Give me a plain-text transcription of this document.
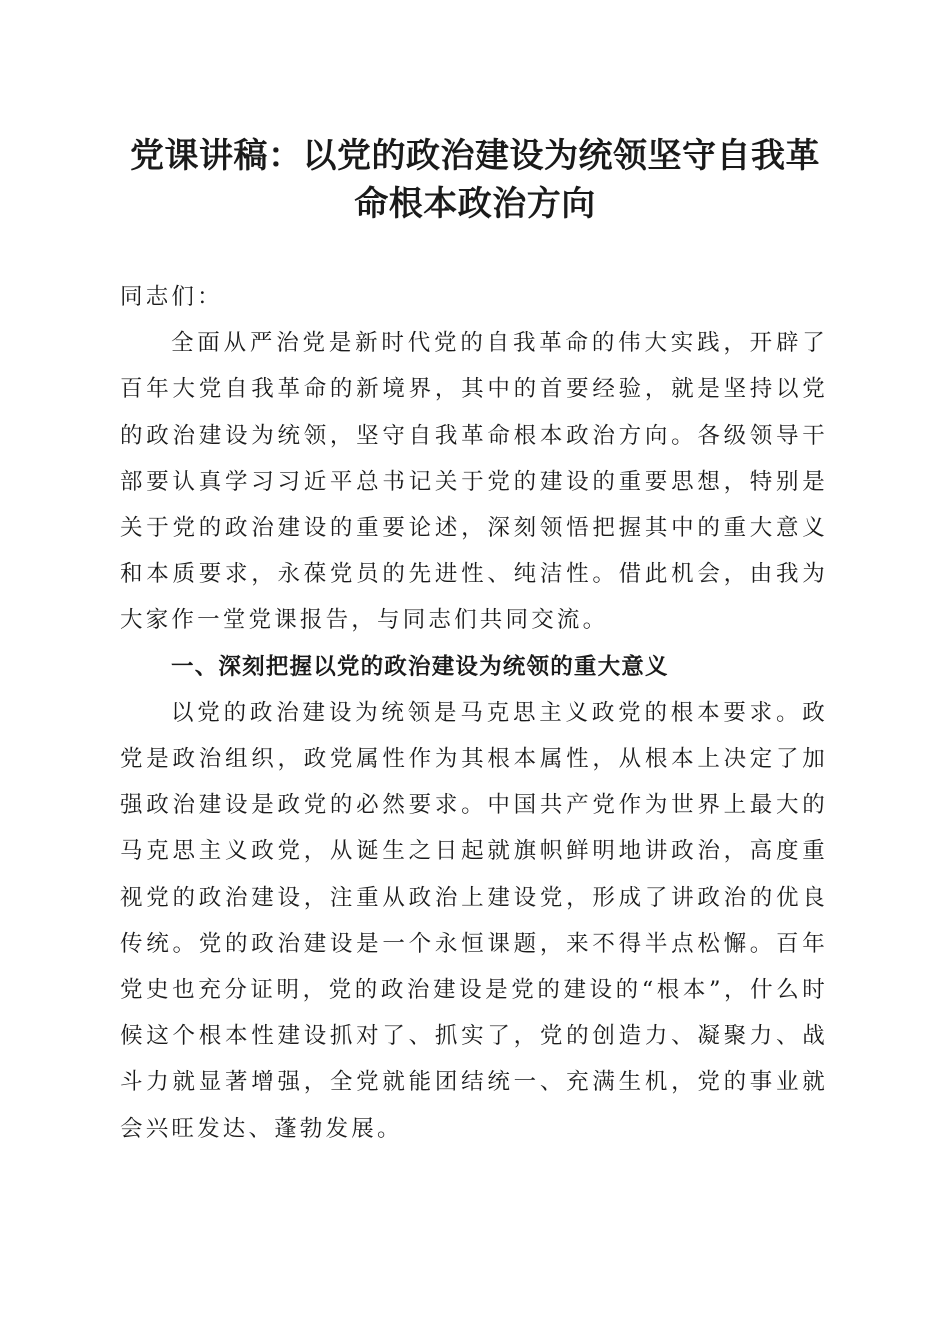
党课讲稿：以党的政治建设为统领坚守自我革
命根本政治方向

同志们：

全面从严治党是新时代党的自我革命的伟大实践，开辟了百年大党自我革命的新境界，其中的首要经验，就是坚持以党的政治建设为统领，坚守自我革命根本政治方向。各级领导干部要认真学习习近平总书记关于党的建设的重要思想，特别是关于党的政治建设的重要论述，深刻领悟把握其中的重大意义和本质要求，永葆党员的先进性、纯洁性。借此机会，由我为大家作一堂党课报告，与同志们共同交流。

一、深刻把握以党的政治建设为统领的重大意义

以党的政治建设为统领是马克思主义政党的根本要求。政党是政治组织，政党属性作为其根本属性，从根本上决定了加强政治建设是政党的必然要求。中国共产党作为世界上最大的马克思主义政党，从诞生之日起就旗帜鲜明地讲政治，高度重视党的政治建设，注重从政治上建设党，形成了讲政治的优良传统。党的政治建设是一个永恒课题，来不得半点松懈。百年党史也充分证明，党的政治建设是党的建设的“根本”，什么时候这个根本性建设抓对了、抓实了，党的创造力、凝聚力、战斗力就显著增强，全党就能团结统一、充满生机，党的事业就会兴旺发达、蓬勃发展。
